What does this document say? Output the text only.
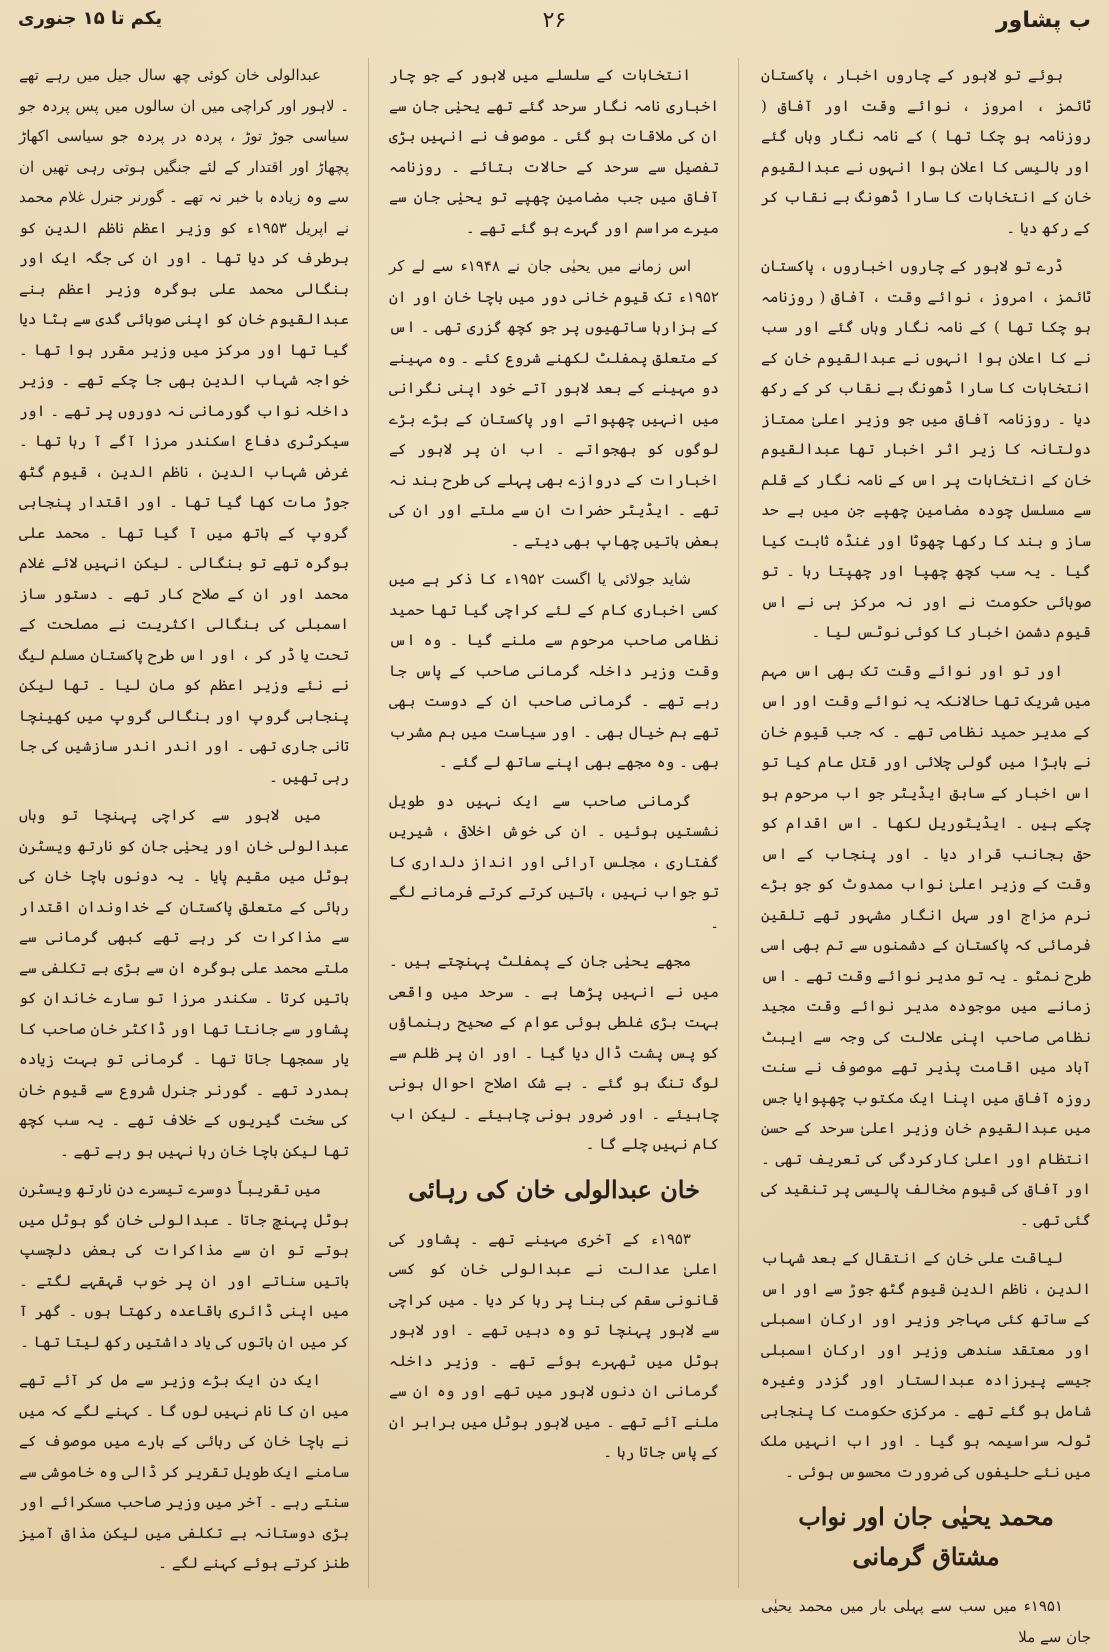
ب پشاور
۲۶
یکم تا ۱۵ جنوری

ہوئے تو لاہور کے چاروں اخبار ، پاکستان ٹائمز ، امروز ، نوائے وقت اور آفاق ( روزنامہ ہو چکا تھا ) کے نامہ نگار وہاں گئے اور بالیسی کا اعلان ہوا انہوں نے عبدالقیوم خان کے انتخابات کا سارا ڈھونگ بے نقاب کر کے رکھ دیا ۔

ڈرے تو لاہور کے چاروں اخباروں ، پاکستان ٹائمز ، امروز ، نوائے وقت ، آفاق ( روزنامہ ہو چکا تھا ) کے نامہ نگار وہاں گئے اور سب نے کا اعلان ہوا انہوں نے عبدالقیوم خان کے انتخابات کا سارا ڈھونگ بے نقاب کر کے رکھ دیا ۔ روزنامہ آفاق میں جو وزیر اعلیٰ ممتاز دولتانہ کا زیر اثر اخبار تھا عبدالقیوم خان کے انتخابات پر اس کے نامہ نگار کے قلم سے مسلسل چودہ مضامین چھپے جن میں بے حد ساز و بند کا رکھا چھوٹا اور غنڈہ ثابت کیا گیا ۔ یہ سب کچھ چھپا اور چھپتا رہا ۔ تو صوبائی حکومت نے اور نہ مرکز ہی نے اس قیوم دشمن اخبار کا کوئی نوٹس لیا ۔

اور تو اور نوائے وقت تک بھی اس مہم میں شریک تھا حالانکہ یہ نوائے وقت اور اس کے مدیر حمید نظامی تھے ۔ کہ جب قیوم خان نے بابڑا میں گولی چلائی اور قتل عام کیا تو اس اخبار کے سابق ایڈیٹر جو اب مرحوم ہو چکے ہیں ۔ ایڈیٹوریل لکھا ۔ اس اقدام کو حق بجانب قرار دیا ۔ اور پنجاب کے اس وقت کے وزیر اعلیٰ نواب ممدوٹ کو جو بڑے نرم مزاج اور سہل انگار مشہور تھے تلقین فرمائی کہ پاکستان کے دشمنوں سے تم بھی اسی طرح نمٹو ۔ یہ تو مدیر نوائے وقت تھے ۔ اس زمانے میں موجودہ مدیر نوائے وقت مجید نظامی صاحب اپنی علالت کی وجہ سے ایبٹ آباد میں اقامت پذیر تھے موصوف نے سنت روزہ آفاق میں اپنا ایک مکتوب چھپوایا جس میں عبدالقیوم خان وزیر اعلیٰ سرحد کے حسن انتظام اور اعلیٰ کارکردگی کی تعریف تھی ۔ اور آفاق کی قیوم مخالف پالیسی پر تنقید کی گئی تھی ۔

لیاقت علی خان کے انتقال کے بعد شہاب الدین ، ناظم الدین قیوم گٹھ جوڑ سے اور اس کے ساتھ کئی مہاجر وزیر اور ارکان اسمبلی اور معتقد سندھی وزیر اور ارکان اسمبلی جیسے پیرزادہ عبدالستار اور گزدر وغیرہ شامل ہو گئے تھے ۔ مرکزی حکومت کا پنجابی ٹولہ سراسیمہ ہو گیا ۔ اور اب انہیں ملک میں نئے حلیفوں کی ضرورت محسوس ہوئی ۔

محمد یحیٰی جان اور نواب مشتاق گرمانی

۱۹۵۱ء میں سب سے پہلی بار میں محمد یحیٰی جان سے ملا

انتخابات کے سلسلے میں لاہور کے جو چار اخباری نامہ نگار سرحد گئے تھے یحیٰی جان سے ان کی ملاقات ہو گئی ۔ موصوف نے انہیں بڑی تفصیل سے سرحد کے حالات بتائے ۔ روزنامہ آفاق میں جب مضامین چھپے تو یحیٰی جان سے میرے مراسم اور گہرے ہو گئے تھے ۔

اس زمانے میں یحیٰی جان نے ۱۹۴۸ء سے لے کر ۱۹۵۲ء تک قیوم خانی دور میں باچا خان اور ان کے ہزارہا ساتھیوں پر جو کچھ گزری تھی ۔ اس کے متعلق پمفلٹ لکھنے شروع کئے ۔ وہ مہینے دو مہینے کے بعد لاہور آتے خود اپنی نگرانی میں انہیں چھپواتے اور پاکستان کے بڑے بڑے لوگوں کو بھجواتے ۔ اب ان پر لاہور کے اخبارات کے دروازے بھی پہلے کی طرح بند نہ تھے ۔ ایڈیٹر حضرات ان سے ملتے اور ان کی بعض باتیں چھاپ بھی دیتے ۔

شاید جولائی یا اگست ۱۹۵۲ء کا ذکر ہے میں کسی اخباری کام کے لئے کراچی گیا تھا حمید نظامی صاحب مرحوم سے ملنے گیا ۔ وہ اس وقت وزیر داخلہ گرمانی صاحب کے پاس جا رہے تھے ۔ گرمانی صاحب ان کے دوست بھی تھے ہم خیال بھی ۔ اور سیاست میں ہم مشرب بھی ۔ وہ مجھے بھی اپنے ساتھ لے گئے ۔

گرمانی صاحب سے ایک نہیں دو طویل نشستیں ہوئیں ۔ ان کی خوش اخلاقی ، شیریں گفتاری ، مجلس آرائی اور انداز دلداری کا تو جواب نہیں ، باتیں کرتے کرتے فرمانے لگے ۔

مجھے یحیٰی جان کے پمفلٹ پہنچتے ہیں ۔ میں نے انہیں پڑھا ہے ۔ سرحد میں واقعی بہت بڑی غلطی ہوئی عوام کے صحیح رہنماؤں کو پس پشت ڈال دیا گیا ۔ اور ان پر ظلم سے لوگ تنگ ہو گئے ۔ بے شک اصلاح احوال ہونی چاہیئے ۔ اور ضرور ہونی چاہیئے ۔ لیکن اب کام نہیں چلے گا ۔

خان عبدالولی خان کی رہائی

۱۹۵۳ء کے آخری مہینے تھے ۔ پشاور کی اعلیٰ عدالت نے عبدالولی خان کو کسی قانونی سقم کی بنا پر رہا کر دیا ۔ میں کراچی سے لاہور پہنچا تو وہ دہیں تھے ۔ اور لاہور ہوٹل میں ٹھہرے ہوئے تھے ۔ وزیر داخلہ گرمانی ان دنوں لاہور میں تھے اور وہ ان سے ملنے آئے تھے ۔ میں لاہور ہوٹل میں برابر ان کے پاس جاتا رہا ۔

عبدالولی خان کوئی چھ سال جیل میں رہے تھے ۔ لاہور اور کراچی میں ان سالوں میں پس پردہ جو سیاسی جوڑ توڑ ، پردہ در پردہ جو سیاسی اکھاڑ پچھاڑ اور اقتدار کے لئے جنگیں ہوتی رہی تھیں ان سے وہ زیادہ با خبر نہ تھے ۔ گورنر جنرل غلام محمد نے اپریل ۱۹۵۳ء کو وزیر اعظم ناظم الدین کو برطرف کر دیا تھا ۔ اور ان کی جگہ ایک اور بنگالی محمد علی بوگرہ وزیر اعظم بنے عبدالقیوم خان کو اپنی صوبائی گدی سے ہٹا دیا گیا تھا اور مرکز میں وزیر مقرر ہوا تھا ۔ خواجہ شہاب الدین بھی جا چکے تھے ۔ وزیر داخلہ نواب گورمانی نہ دوروں پر تھے ۔ اور سیکرٹری دفاع اسکندر مرزا آگے آ رہا تھا ۔ غرض شہاب الدین ، ناظم الدین ، قیوم گٹھ جوڑ مات کھا گیا تھا ۔ اور اقتدار پنجابی گروپ کے ہاتھ میں آ گیا تھا ۔ محمد علی بوگرہ تھے تو بنگالی ۔ لیکن انہیں لائے غلام محمد اور ان کے صلاح کار تھے ۔ دستور ساز اسمبلی کی بنگالی اکثریت نے مصلحت کے تحت یا ڈر کر ، اور اس طرح پاکستان مسلم لیگ نے نئے وزیر اعظم کو مان لیا ۔ تھا لیکن پنجابی گروپ اور بنگالی گروپ میں کھینچا تانی جاری تھی ۔ اور اندر اندر سازشیں کی جا رہی تھیں ۔

میں لاہور سے کراچی پہنچا تو وہاں عبدالولی خان اور یحیٰی جان کو نارتھ ویسٹرن ہوٹل میں مقیم پایا ۔ یہ دونوں باچا خان کی رہائی کے متعلق پاکستان کے خداوندان اقتدار سے مذاکرات کر رہے تھے کبھی گرمانی سے ملتے محمد علی بوگرہ ان سے بڑی بے تکلفی سے باتیں کرتا ۔ سکندر مرزا تو سارے خاندان کو پشاور سے جانتا تھا اور ڈاکٹر خان صاحب کا یار سمجھا جاتا تھا ۔ گرمانی تو بہت زیادہ ہمدرد تھے ۔ گورنر جنرل شروع سے قیوم خان کی سخت گیریوں کے خلاف تھے ۔ یہ سب کچھ تھا لیکن باچا خان رہا نہیں ہو رہے تھے ۔

میں تقریباً دوسرے تیسرے دن نارتھ ویسٹرن ہوٹل پہنچ جاتا ۔ عبدالولی خان گو ہوٹل میں ہوتے تو ان سے مذاکرات کی بعض دلچسپ باتیں سناتے اور ان پر خوب قہقہے لگتے ۔ میں اپنی ڈائری باقاعدہ رکھتا ہوں ۔ گھر آ کر میں ان باتوں کی یاد داشتیں رکھ لیتا تھا ۔

ایک دن ایک بڑے وزیر سے مل کر آئے تھے میں ان کا نام نہیں لوں گا ۔ کہنے لگے کہ میں نے باچا خان کی رہائی کے بارے میں موصوف کے سامنے ایک طویل تقریر کر ڈالی وہ خاموشی سے سنتے رہے ۔ آخر میں وزیر صاحب مسکرائے اور بڑی دوستانہ بے تکلفی میں لیکن مذاق آمیز طنز کرتے ہوئے کہنے لگے ۔
